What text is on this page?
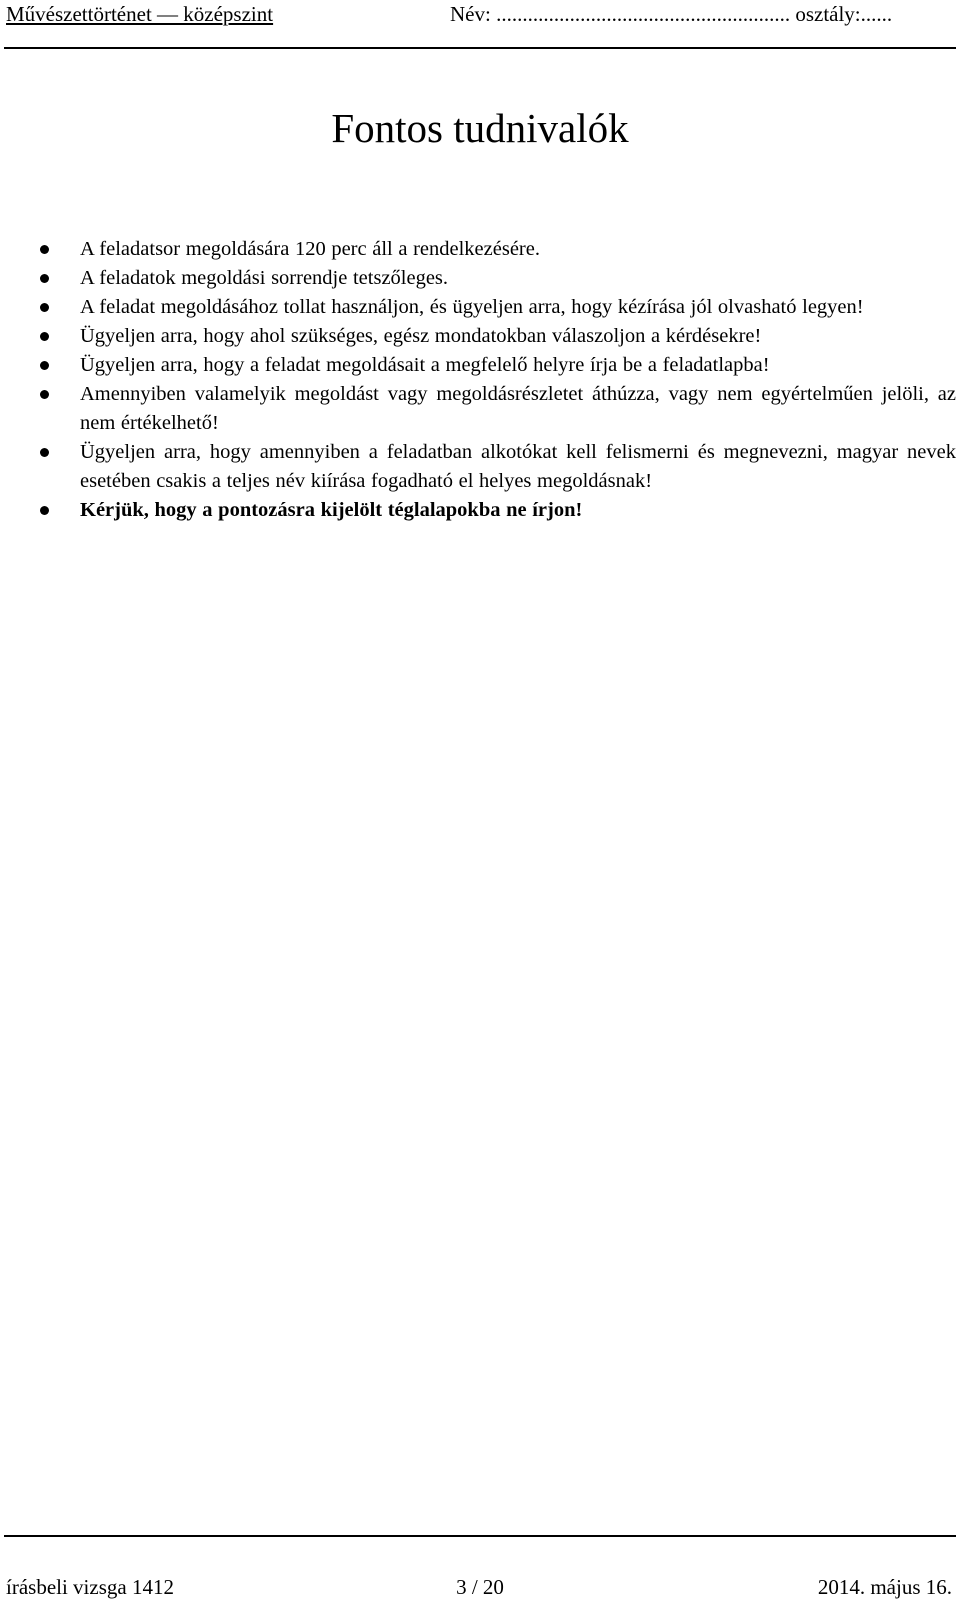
Művészettörténet — középszint	Név: ........................................................ osztály:......
Fontos tudnivalók
A feladatsor megoldására 120 perc áll a rendelkezésére.
A feladatok megoldási sorrendje tetszőleges.
A feladat megoldásához tollat használjon, és ügyeljen arra, hogy kézírása jól olvasható legyen!
Ügyeljen arra, hogy ahol szükséges, egész mondatokban válaszoljon a kérdésekre!
Ügyeljen arra, hogy a feladat megoldásait a megfelelő helyre írja be a feladatlapba!
Amennyiben valamelyik megoldást vagy megoldásrészletet áthúzza, vagy nem egyértelműen jelöli, az nem értékelhető!
Ügyeljen arra, hogy amennyiben a feladatban alkotókat kell felismerni és megnevezni, magyar nevek esetében csakis a teljes név kiírása fogadható el helyes megoldásnak!
Kérjük, hogy a pontozásra kijelölt téglalapokba ne írjon!
írásbeli vizsga 1412	3 / 20	2014. május 16.
